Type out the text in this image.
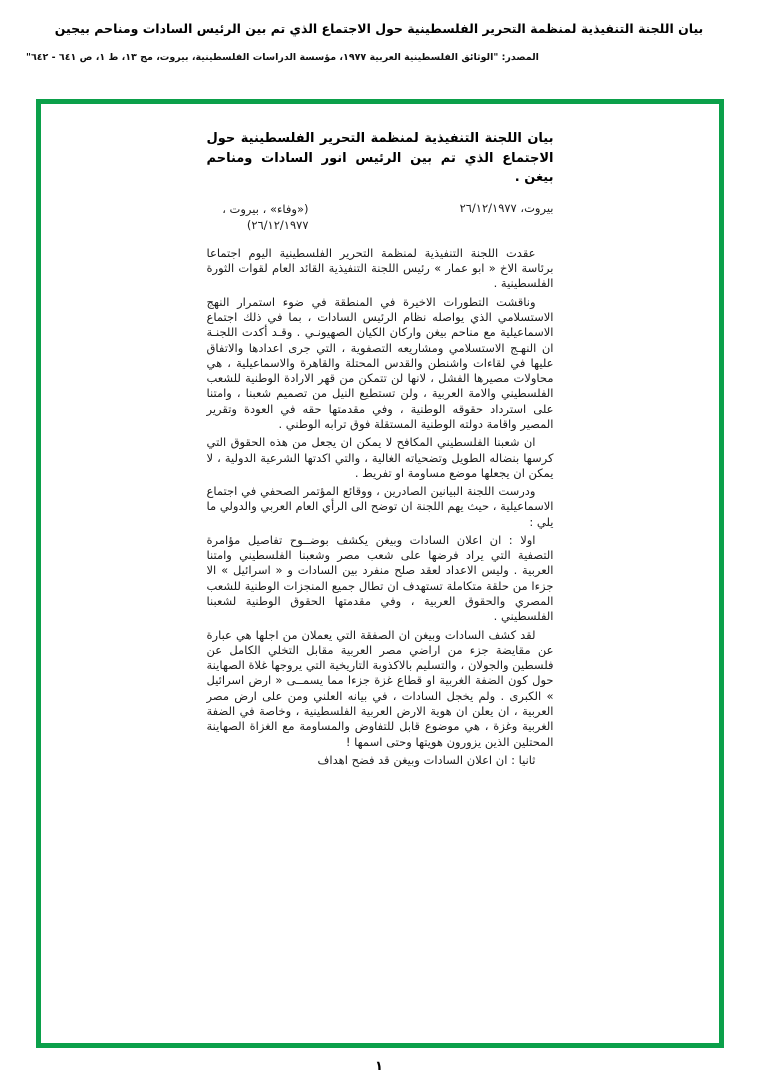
بيان اللجنة التنفيذية لمنظمة التحرير الفلسطينية حول الاجتماع الذي تم بين الرئيس السادات ومناحم بيجين
المصدر: "الوثائق الفلسطينية العربية ١٩٧٧، مؤسسة الدراسات الفلسطينية، بيروت، مج ١٣، ط ١، ص ٦٤١ - ٦٤٢"
بيان اللجنة التنفيذية لمنظمة التحرير الفلسطينية حول الاجتماع الذي تم بين الرئيس انور السادات ومناحم بيغن .
بيروت، ٢٦/١٢/١٩٧٧
(«وفاء» ، بيروت ، ٢٦/١٢/١٩٧٧)

عقدت اللجنة التنفيذية لمنظمة التحرير الفلسطينية اليوم اجتماعا برئاسة الاخ « ابو عمار » رئيس اللجنة التنفيذية القائد العام لقوات الثورة الفلسطينية .

وناقشت التطورات الاخيرة في المنطقة في ضوء استمرار النهج الاستسلامي الذي يواصله نظام الرئيس السادات ، بما في ذلك اجتماع الاسماعيلية مع مناحم بيغن واركان الكيان الصهيونـي . وقـد أكدت اللجنـة ان النهـج الاستسلامي ومشاريعه التصفوية ، التي جرى اعدادها والاتفاق عليها في لقاءات واشنطن والقدس المحتلة والقاهرة والاسماعيلية ، هي محاولات مصيرها الفشل ، لانها لن تتمكن من قهر الارادة الوطنية للشعب الفلسطيني والامة العربية ، ولن تستطيع النيل من تصميم شعبنا ، وامتنا على استرداد حقوقه الوطنية ، وفي مقدمتها حقه في العودة وتقرير المصير واقامة دولته الوطنية المستقلة فوق ترابه الوطني .

ان شعبنا الفلسطيني المكافح لا يمكن ان يجعل من هذه الحقوق التي كرسها بنضاله الطويل وتضحياته الغالية ، والتي اكدتها الشرعية الدولية ، لا يمكن ان يجعلها موضع مساومة او تفريط .

ودرست اللجنة البيانين الصادرين ، ووقائع المؤتمر الصحفي في اجتماع الاسماعيلية ، حيث يهم اللجنة ان توضح الى الرأي العام العربي والدولي ما يلي :

اولا : ان اعلان السادات وبيغن يكشف بوضــوح تفاصيل مؤامرة التصفية التي يراد فرضها على شعب مصر وشعبنا الفلسطيني وامتنا العربية . وليس الاعداد لعقد صلح منفرد بين السادات و « اسرائيل » الا جزءا من حلقة متكاملة تستهدف ان تطال جميع المنجزات الوطنية للشعب المصري والحقوق العربية ، وفي مقدمتها الحقوق الوطنية لشعبنا الفلسطيني .

لقد كشف السادات وبيغن ان الصفقة التي يعملان من اجلها هي عبارة عن مقايضة جزء من اراضي مصر العربية مقابل التخلي الكامل عن فلسطين والجولان ، والتسليم بالاكذوبة التاريخية التي يروجها غلاة الصهاينة حول كون الضفة الغربية او قطاع غزة جزءا مما يسمــى « ارض اسرائيل » الكبرى . ولم يخجل السادات ، في بيانه العلني ومن على ارض مصر العربية ، ان يعلن ان هوية الارض العربية الفلسطينية ، وخاصة في الضفة الغربية وغزة ، هي موضوع قابل للتفاوض والمساومة مع الغزاة الصهاينة المحتلين الذين يزورون هويتها وحتى اسمها !

ثانيا : ان اعلان السادات وبيغن قد فضح اهداف

١
